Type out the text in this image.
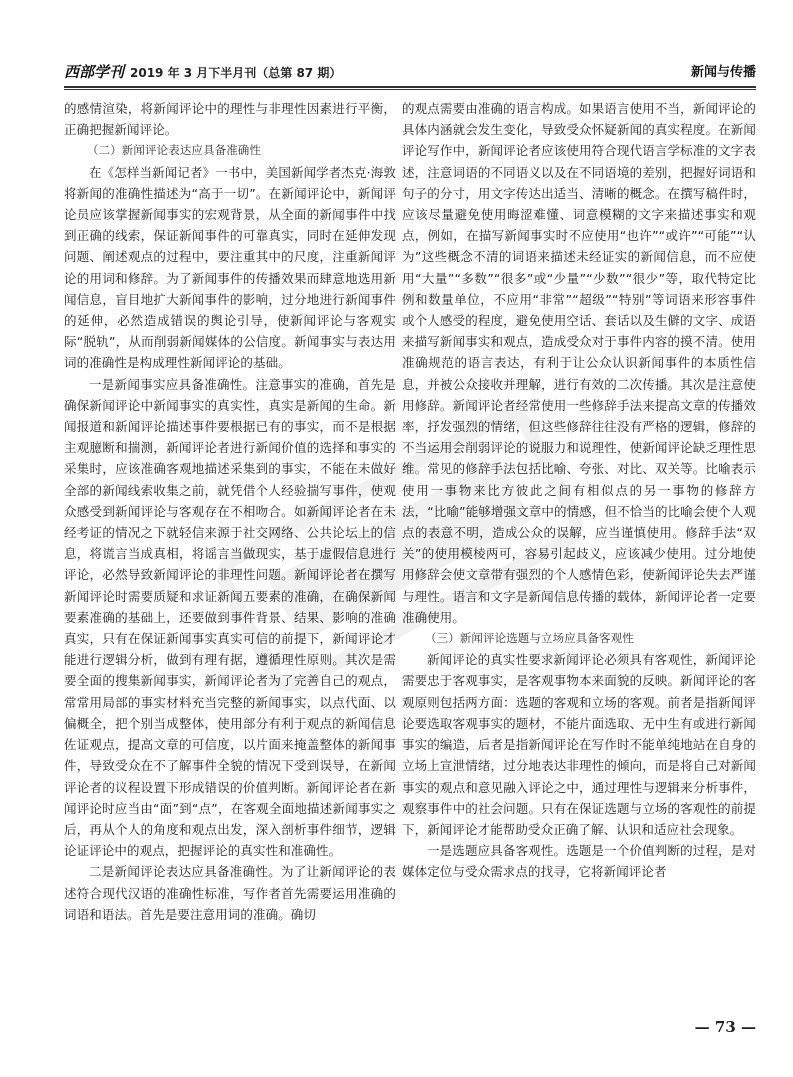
西部学刊 2019 年 3 月下半月刊（总第 87 期）	新闻与传播

的感情渲染，将新闻评论中的理性与非理性因素进行平衡，正确把握新闻评论。

（二）新闻评论表达应具备准确性

在《怎样当新闻记者》一书中，美国新闻学者杰克·海敦将新闻的准确性描述为“高于一切”。在新闻评论中，新闻评论员应该掌握新闻事实的宏观背景，从全面的新闻事件中找到正确的线索，保证新闻事件的可靠真实，同时在延伸发现问题、阐述观点的过程中，要注重其中的尺度，注重新闻评论的用词和修辞。为了新闻事件的传播效果而肆意地选用新闻信息，盲目地扩大新闻事件的影响，过分地进行新闻事件的延伸，必然造成错误的舆论引导，使新闻评论与客观实际“脱轨”，从而削弱新闻媒体的公信度。新闻事实与表达用词的准确性是构成理性新闻评论的基础。

一是新闻事实应具备准确性。注意事实的准确，首先是确保新闻评论中新闻事实的真实性，真实是新闻的生命。新闻报道和新闻评论描述事件要根据已有的事实，而不是根据主观臆断和揣测，新闻评论者进行新闻价值的选择和事实的采集时，应该准确客观地描述采集到的事实，不能在未做好全部的新闻线索收集之前，就凭借个人经验揣写事件，使观众感受到新闻评论与客观存在不相吻合。如新闻评论者在未经考证的情况之下就轻信来源于社交网络、公共论坛上的信息，将谎言当成真相，将谣言当做现实，基于虚假信息进行评论，必然导致新闻评论的非理性问题。新闻评论者在撰写新闻评论时需要质疑和求证新闻五要素的准确，在确保新闻要素准确的基础上，还要做到事件背景、结果、影响的准确真实，只有在保证新闻事实真实可信的前提下，新闻评论才能进行逻辑分析，做到有理有据，遵循理性原则。其次是需要全面的搜集新闻事实，新闻评论者为了完善自己的观点，常常用局部的事实材料充当完整的新闻事实，以点代面、以偏概全，把个别当成整体，使用部分有利于观点的新闻信息佐证观点，提高文章的可信度，以片面来掩盖整体的新闻事件，导致受众在不了解事件全貌的情况下受到误导，在新闻评论者的议程设置下形成错误的价值判断。新闻评论者在新闻评论时应当由“面”到“点”，在客观全面地描述新闻事实之后，再从个人的角度和观点出发，深入剖析事件细节，逻辑论证评论中的观点，把握评论的真实性和准确性。

二是新闻评论表达应具备准确性。为了让新闻评论的表述符合现代汉语的准确性标准，写作者首先需要运用准确的词语和语法。首先是要注意用词的准确。确切

的观点需要由准确的语言构成。如果语言使用不当，新闻评论的具体内涵就会发生变化，导致受众怀疑新闻的真实程度。在新闻评论写作中，新闻评论者应该使用符合现代语言学标准的文字表述，注意词语的不同语义以及在不同语境的差别，把握好词语和句子的分寸，用文字传达出适当、清晰的概念。在撰写稿件时，应该尽量避免使用晦涩难懂、词意模糊的文字来描述事实和观点，例如，在描写新闻事实时不应使用“也许”“或许”“可能”“认为”这些概念不清的词语来描述未经证实的新闻信息，而不应使用“大量”“多数”“很多”或“少量”“少数”“很少”等，取代特定比例和数量单位，不应用“非常”“超级”“特别”等词语来形容事件或个人感受的程度，避免使用空话、套话以及生僻的文字、成语来描写新闻事实和观点，造成受众对于事件内容的摸不清。使用准确规范的语言表达，有利于让公众认识新闻事件的本质性信息，并被公众接收并理解，进行有效的二次传播。其次是注意使用修辞。新闻评论者经常使用一些修辞手法来提高文章的传播效率，抒发强烈的情绪，但这些修辞往往没有严格的逻辑，修辞的不当运用会削弱评论的说服力和说理性，使新闻评论缺乏理性思维。常见的修辞手法包括比喻、夸张、对比、双关等。比喻表示使用一事物来比方彼此之间有相似点的另一事物的修辞方法，“比喻”能够增强文章中的情感，但不恰当的比喻会使个人观点的表意不明，造成公众的误解，应当谨慎使用。修辞手法“双关”的使用模棱两可，容易引起歧义，应该减少使用。过分地使用修辞会使文章带有强烈的个人感情色彩，使新闻评论失去严谨与理性。语言和文字是新闻信息传播的载体，新闻评论者一定要准确使用。

（三）新闻评论选题与立场应具备客观性

新闻评论的真实性要求新闻评论必须具有客观性，新闻评论需要忠于客观事实，是客观事物本来面貌的反映。新闻评论的客观原则包括两方面：选题的客观和立场的客观。前者是指新闻评论要选取客观事实的题材，不能片面选取、无中生有或进行新闻事实的编造，后者是指新闻评论在写作时不能单纯地站在自身的立场上宣泄情绪，过分地表达非理性的倾向，而是将自己对新闻事实的观点和意见融入评论之中，通过理性与逻辑来分析事件，观察事件中的社会问题。只有在保证选题与立场的客观性的前提下，新闻评论才能帮助受众正确了解、认识和适应社会现象。

一是选题应具备客观性。选题是一个价值判断的过程，是对媒体定位与受众需求点的找寻，它将新闻评论者

— 73 —
